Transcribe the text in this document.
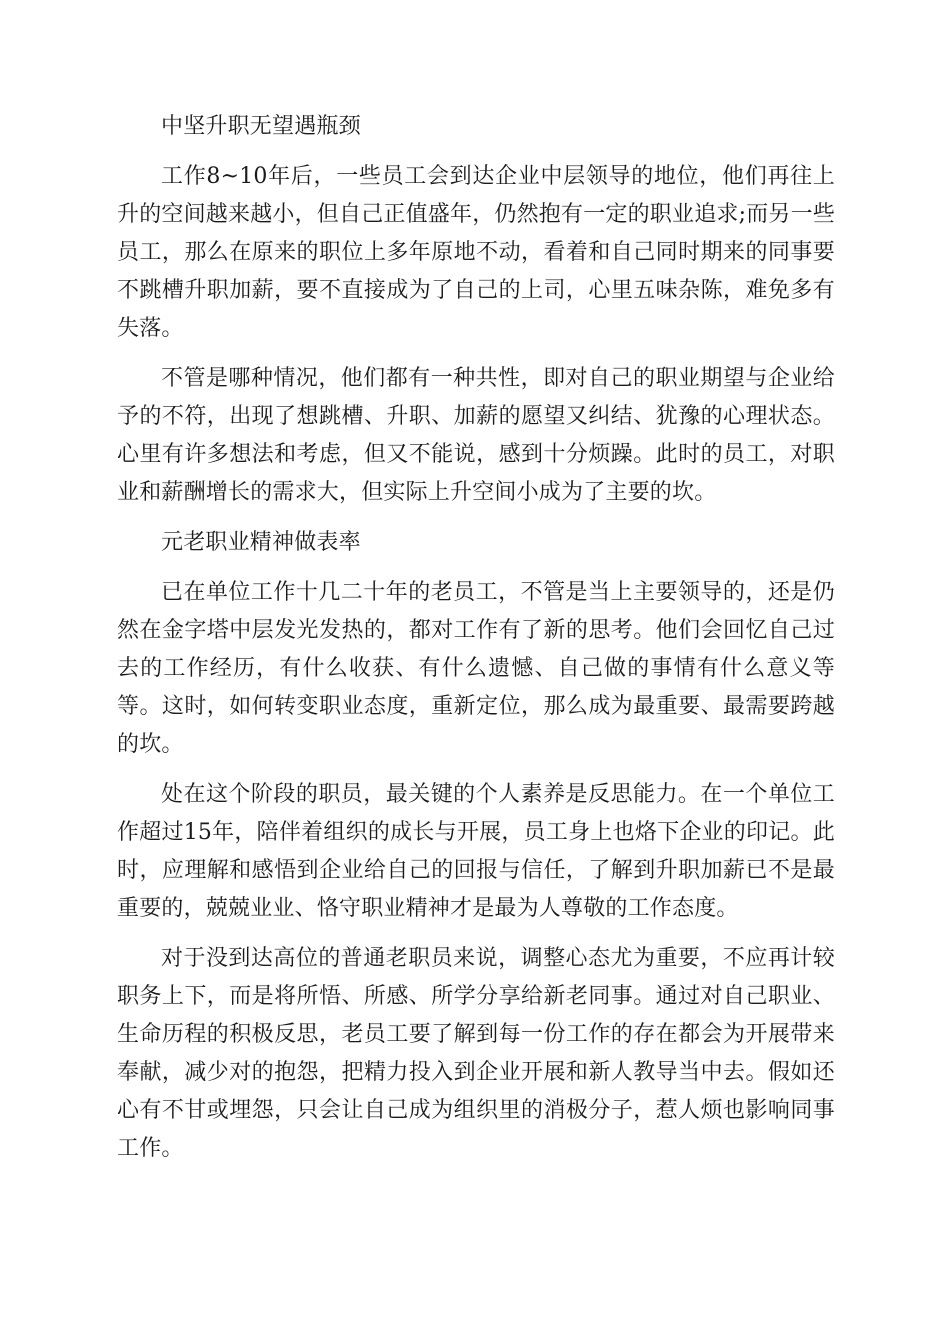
中坚升职无望遇瓶颈

工作8~10年后，一些员工会到达企业中层领导的地位，他们再往上升的空间越来越小，但自己正值盛年，仍然抱有一定的职业追求;而另一些员工，那么在原来的职位上多年原地不动，看着和自己同时期来的同事要不跳槽升职加薪，要不直接成为了自己的上司，心里五味杂陈，难免多有失落。

不管是哪种情况，他们都有一种共性，即对自己的职业期望与企业给予的不符，出现了想跳槽、升职、加薪的愿望又纠结、犹豫的心理状态。心里有许多想法和考虑，但又不能说，感到十分烦躁。此时的员工，对职业和薪酬增长的需求大，但实际上升空间小成为了主要的坎。

元老职业精神做表率

已在单位工作十几二十年的老员工，不管是当上主要领导的，还是仍然在金字塔中层发光发热的，都对工作有了新的思考。他们会回忆自己过去的工作经历，有什么收获、有什么遗憾、自己做的事情有什么意义等等。这时，如何转变职业态度，重新定位，那么成为最重要、最需要跨越的坎。

处在这个阶段的职员，最关键的个人素养是反思能力。在一个单位工作超过15年，陪伴着组织的成长与开展，员工身上也烙下企业的印记。此时，应理解和感悟到企业给自己的回报与信任，了解到升职加薪已不是最重要的，兢兢业业、恪守职业精神才是最为人尊敬的工作态度。

对于没到达高位的普通老职员来说，调整心态尤为重要，不应再计较职务上下，而是将所悟、所感、所学分享给新老同事。通过对自己职业、生命历程的积极反思，老员工要了解到每一份工作的存在都会为开展带来奉献，减少对的抱怨，把精力投入到企业开展和新人教导当中去。假如还心有不甘或埋怨，只会让自己成为组织里的消极分子，惹人烦也影响同事工作。
